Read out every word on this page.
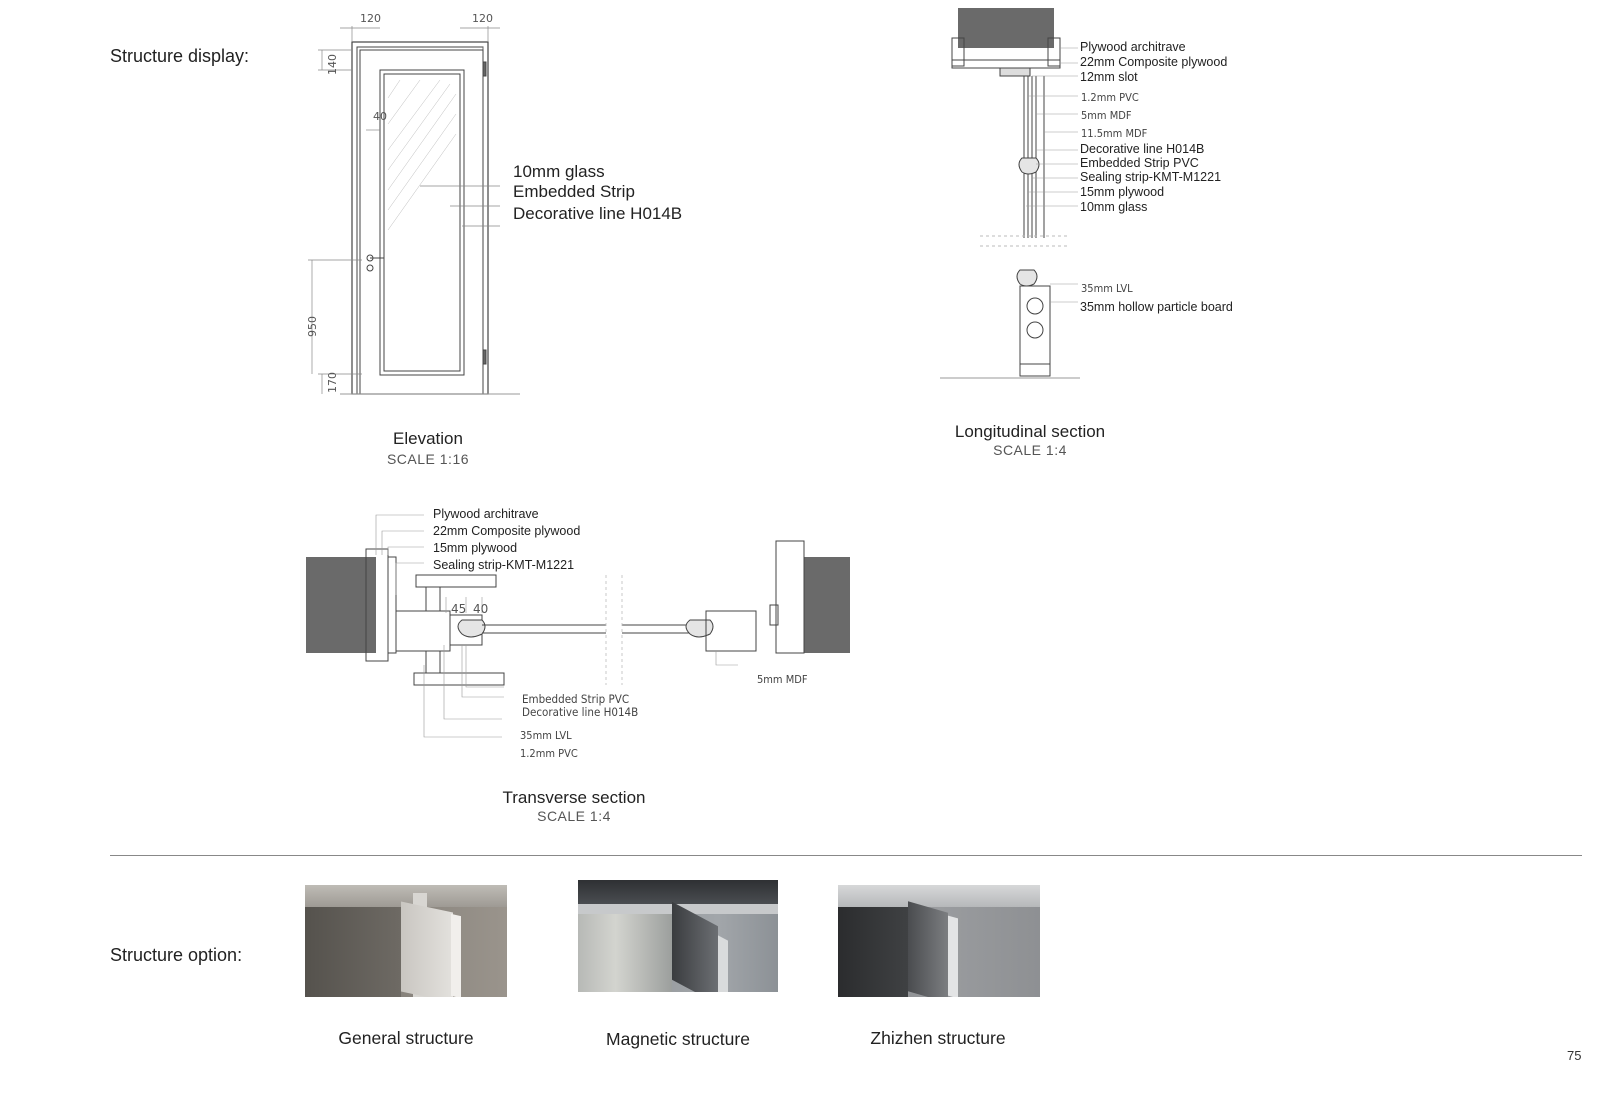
Structure display:
Structure option:
120	120
140
40
950
170
10mm glass
Embedded Strip
Decorative line H014B
Elevation
SCALE 1:16
Plywood architrave
22mm Composite plywood
12mm slot
1.2mm PVC
5mm MDF
11.5mm MDF
Decorative line H014B
Embedded Strip PVC
Sealing strip-KMT-M1221
15mm plywood
10mm glass
35mm LVL
35mm hollow particle board
Longitudinal section
SCALE 1:4
Plywood architrave
22mm Composite plywood
15mm plywood
Sealing strip-KMT-M1221
45 40
Embedded Strip PVC
Decorative line H014B
35mm LVL
1.2mm PVC
5mm MDF
Transverse section
SCALE 1:4
General structure	Magnetic structure	Zhizhen structure
75
